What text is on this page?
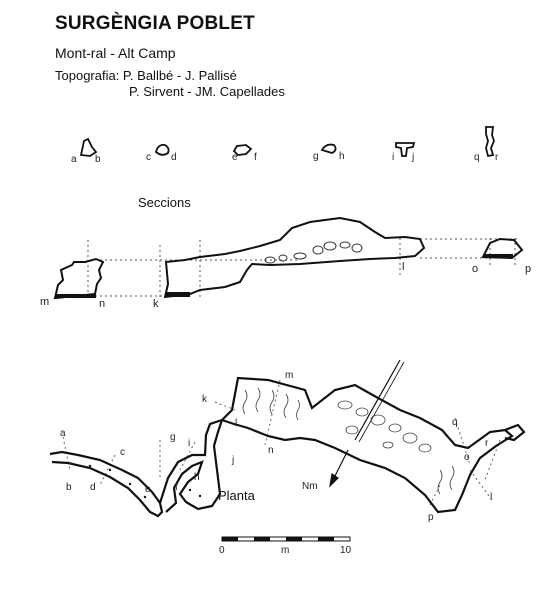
SURGÈNGIA POBLET
Mont-ral - Alt Camp
Topografia: P. Ballbé - J. Pallisé
P. Sirvent - JM. Capellades
Seccions
Planta
a b	c d	e f	g h	i j	q r
m	n	k
l	o	p
Nm
a
b
c
d	e f
g
h
i
j
k
l
m
n
o
p
q
r
l
0	m	10
